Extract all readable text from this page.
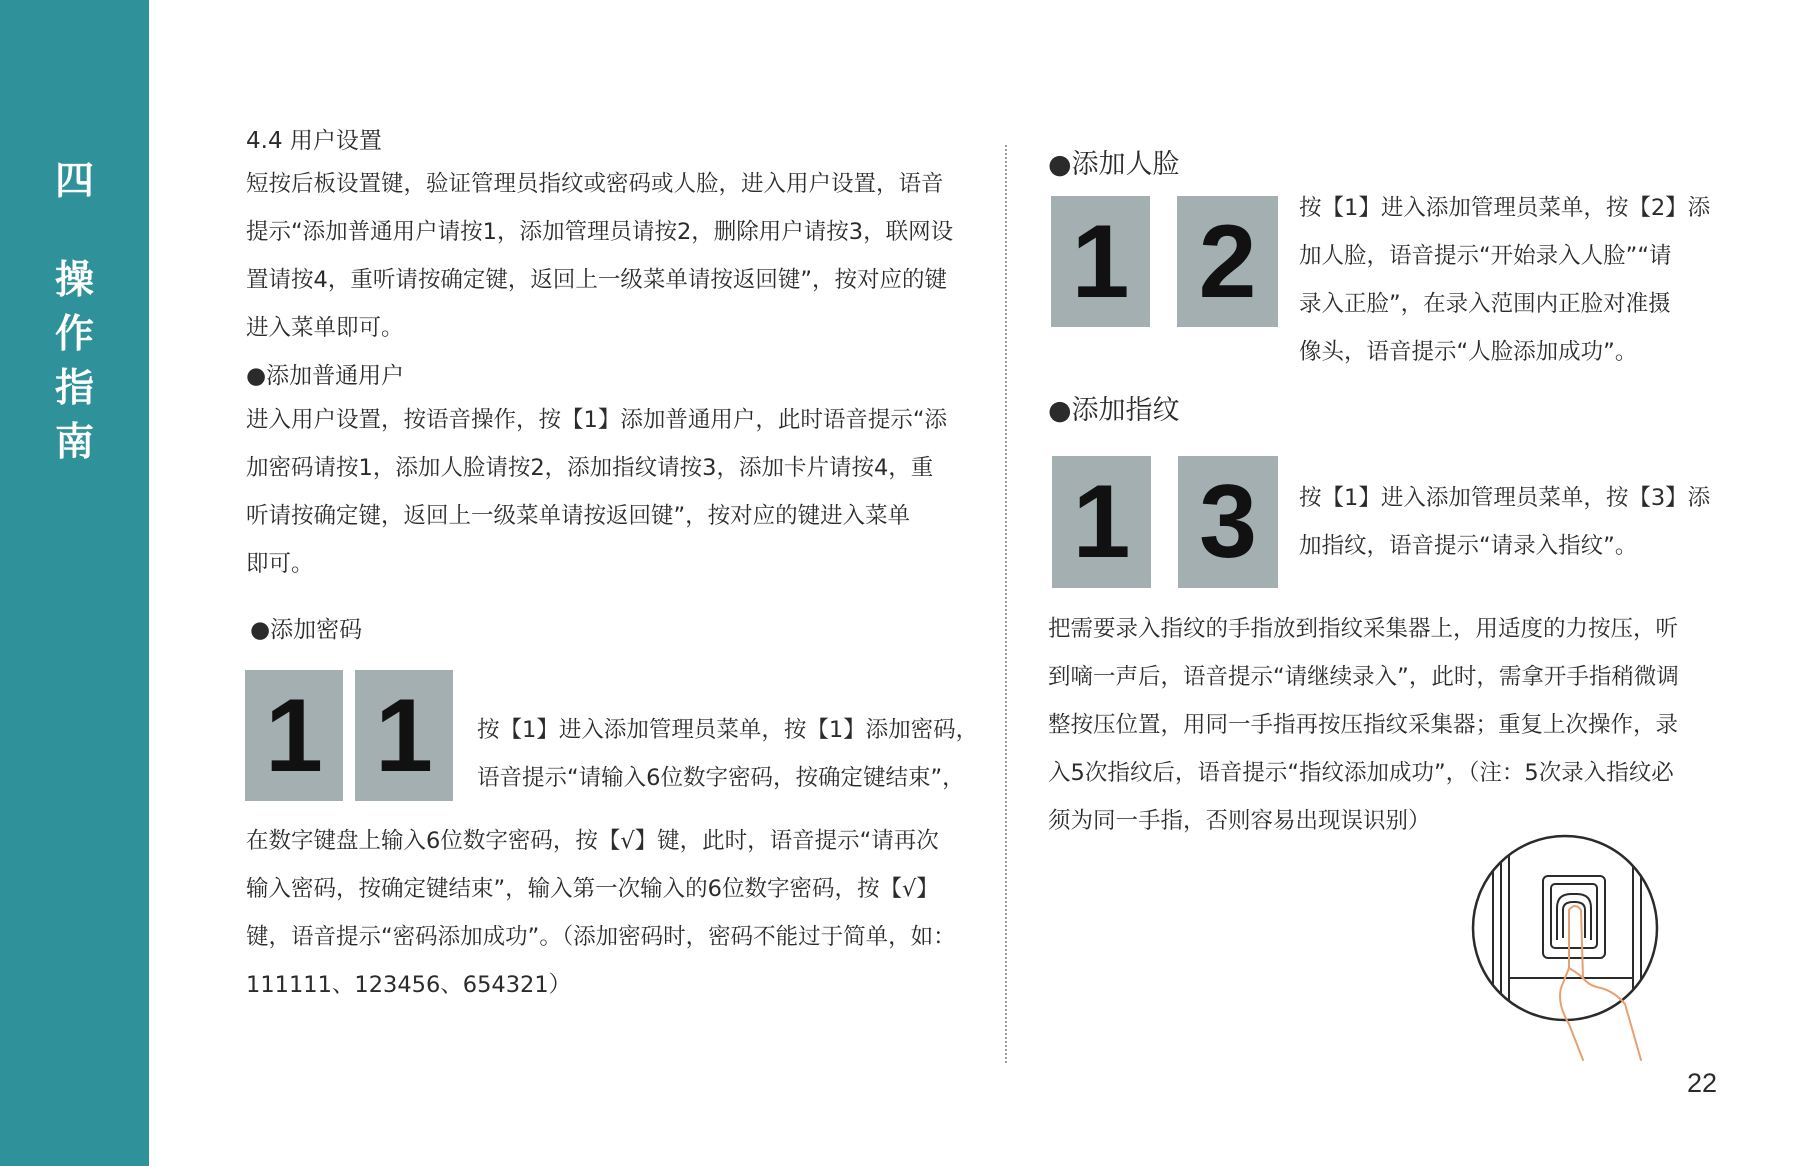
四
操
作
指
南
4.4 用户设置
短按后板设置键，验证管理员指纹或密码或人脸，进入用户设置，语音
提示“添加普通用户请按1，添加管理员请按2，删除用户请按3，联网设
置请按4，重听请按确定键，返回上一级菜单请按返回键”，按对应的键
进入菜单即可。
●添加普通用户
进入用户设置，按语音操作，按【1】添加普通用户，此时语音提示“添
加密码请按1，添加人脸请按2，添加指纹请按3，添加卡片请按4，重
听请按确定键，返回上一级菜单请按返回键”，按对应的键进入菜单
即可。
●添加密码
1 1	按【1】进入添加管理员菜单，按【1】添加密码，
语音提示“请输入6位数字密码，按确定键结束”，
在数字键盘上输入6位数字密码，按【√】键，此时，语音提示“请再次
输入密码，按确定键结束”，输入第一次输入的6位数字密码，按【√】
键，语音提示“密码添加成功”。（添加密码时，密码不能过于简单，如：
111111、123456、654321）
●添加人脸
1 2	按【1】进入添加管理员菜单，按【2】添
加人脸，语音提示“开始录入人脸”“请
录入正脸”，在录入范围内正脸对准摄
像头，语音提示“人脸添加成功”。
●添加指纹
1 3	按【1】进入添加管理员菜单，按【3】添
加指纹，语音提示“请录入指纹”。
把需要录入指纹的手指放到指纹采集器上，用适度的力按压，听
到嘀一声后，语音提示“请继续录入”，此时，需拿开手指稍微调
整按压位置，用同一手指再按压指纹采集器；重复上次操作，录
入5次指纹后，语音提示“指纹添加成功”，（注：5次录入指纹必
须为同一手指，否则容易出现误识别）
22
